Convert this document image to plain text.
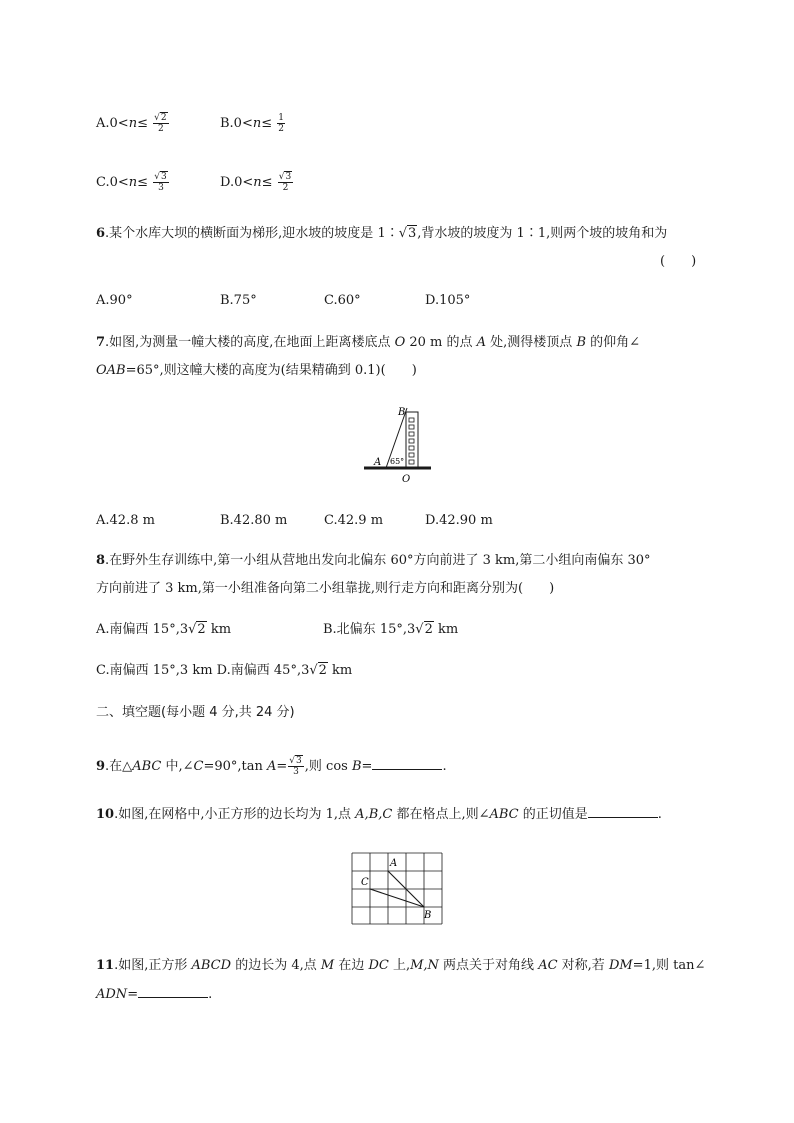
$A.0<n\le \frac{√2}{2}$	$B.0<n\le \frac{1}{2}$
$C.0<n\le \frac{√3}{3}$	$D.0<n\le \frac{√3}{2}$
6.某个水库大坝的横断面为梯形,迎水坡的坡度是 1∶√3,背水坡的坡度为 1∶1,则两个坡的坡角和为
(　　)
A.90°	B.75°	C.60°	D.105°
7.如图,为测量一幢大楼的高度,在地面上距离楼底点 O 20 m 的点 A 处,测得楼顶点 B 的仰角∠
OAB=65°,则这幢大楼的高度为(结果精确到 0.1)(　　)
B
A 65°
O
A.42.8 m	B.42.80 m	C.42.9 m	D.42.90 m
8.在野外生存训练中,第一小组从营地出发向北偏东 60°方向前进了 3 km,第二小组向南偏东 30°
方向前进了 3 km,第一小组准备向第二小组靠拢,则行走方向和距离分别为(　　)
A.南偏西 15°,3√2 km	B.北偏东 15°,3√2 km
C.南偏西 15°,3 km D.南偏西 45°,3√2 km
二、填空题(每小题 4 分,共 24 分)
9.在△ABC 中,∠C=90°,tan $A= \frac{√3}{3}$ ,则 cos B=	.
10.如图,在网格中,小正方形的边长均为 1,点 A,B,C 都在格点上,则∠ABC 的正切值是	.
A
C
B
11.如图,正方形 ABCD 的边长为 4,点 M 在边 DC 上,M,N 两点关于对角线 AC 对称,若 DM=1,则 tan∠
ADN=	.
